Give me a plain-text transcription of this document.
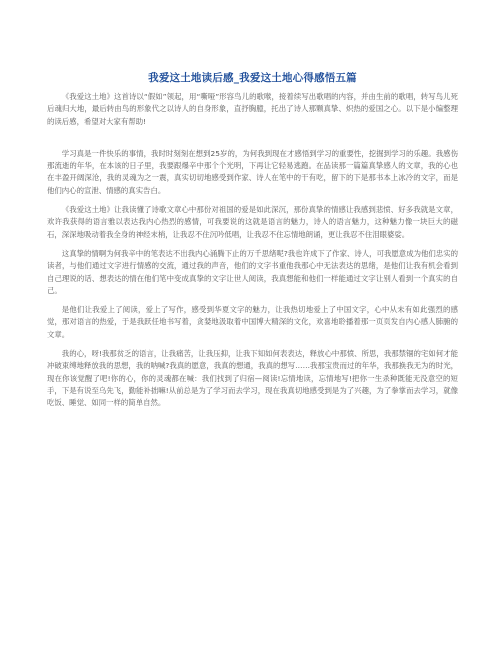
我爱这土地读后感_我爱这土地心得感悟五篇

《我爱这土地》这首诗以“假如”领起，用“嘶哑”形容鸟儿的歌喉，接着续写出歌唱的内容，并由生前的歌唱，转写鸟儿死后魂归大地，最后转由鸟的形象代之以诗人的自身形象，直抒胸臆，托出了诗人那颗真挚、炽热的爱国之心。以下是小编整理的读后感，希望对大家有帮助!

学习真是一件快乐的事情，我时时刻刻在想到25岁的，为何我到现在才感悟到学习的重要性，挖掘到学习的乐趣。我感伤那流逝的年华，在本该的日子里，我要跟爆辛中那个个光明，下再让它轻易逃跑。在品读那一篇篇真挚感人的文章，我的心也在丰盈开阔深沧，我的灵魂为之一震，真实切切地感受到作家、诗人在笔中的干有吃，留下的下是那书本上冰冷的文字，而是他们内心的宣泄、情感的真实告白。

《我爱这土地》让我读懂了诗歌文章心中那份对祖国的爱是如此深沉，那份真挚的情感让我感到悲愤、好多我就是文章，欢许我获得的语言雅以表达我内心热烈的感情，可我要说的这就是语言的魅力，诗人的语言魅力，这种魅力像一块巨大的磁石，深深地吸动着我全身的神经末梢，让我忍不住沉吟低唱，让我忍不住忘情地朗诵，更让我忍不住泪眼婆娑。

这真挚的情啊为何我辛中的笔表达不出我内心涌腾下止的万千思绪呢?我也许成下了作家、诗人，可我愿意成为他们忠实的读者，与他们通过文字进行情感的交流，通过我的声音，他们的文字书重他我那心中无法表达的思绪，是他们让我有机会看到自己理说的话、想表达的情在他们笔中变成真挚的文字让世人阅读，我真想能和他们一样能通过文字让别人看到一个真实的自己。

是他们让我爱上了阅读，爱上了写作，感受到华夏文字的魅力，让我热切地爱上了中国文字，心中从未有如此强烈的感觉，那对语言的热爱，于是我跃任地书写着，贪婪地汲取着中国博大精深的文化，欢喜地聆播着那一页页发自内心感人肺腑的文章。

我的心，呀!我那贫乏的语言，让我痛苦，让我压抑，让我下知如何表表达，释放心中那愤、所思，我那禁锢的宅如何才能冲破束缚地释放我的思想，我的呐喊?我真的愿意，我真的想通，我真的想写……我那宝贵而过的年华，我那换我无为的时光，现在你该觉醒了吧!你的心，你的灵魂都在喊：我们找到了归宿—阅读!忘情地读，忘情地写!把你一生杀种既能无没意空的短手，下是有说至乌先飞，勤能补拙嘛!从前总是为了学习而去学习，现在我真切地感受到是为了兴趣，为了拳掌而去学习，就像吃饭、睡觉、如同一样的简单自然。
